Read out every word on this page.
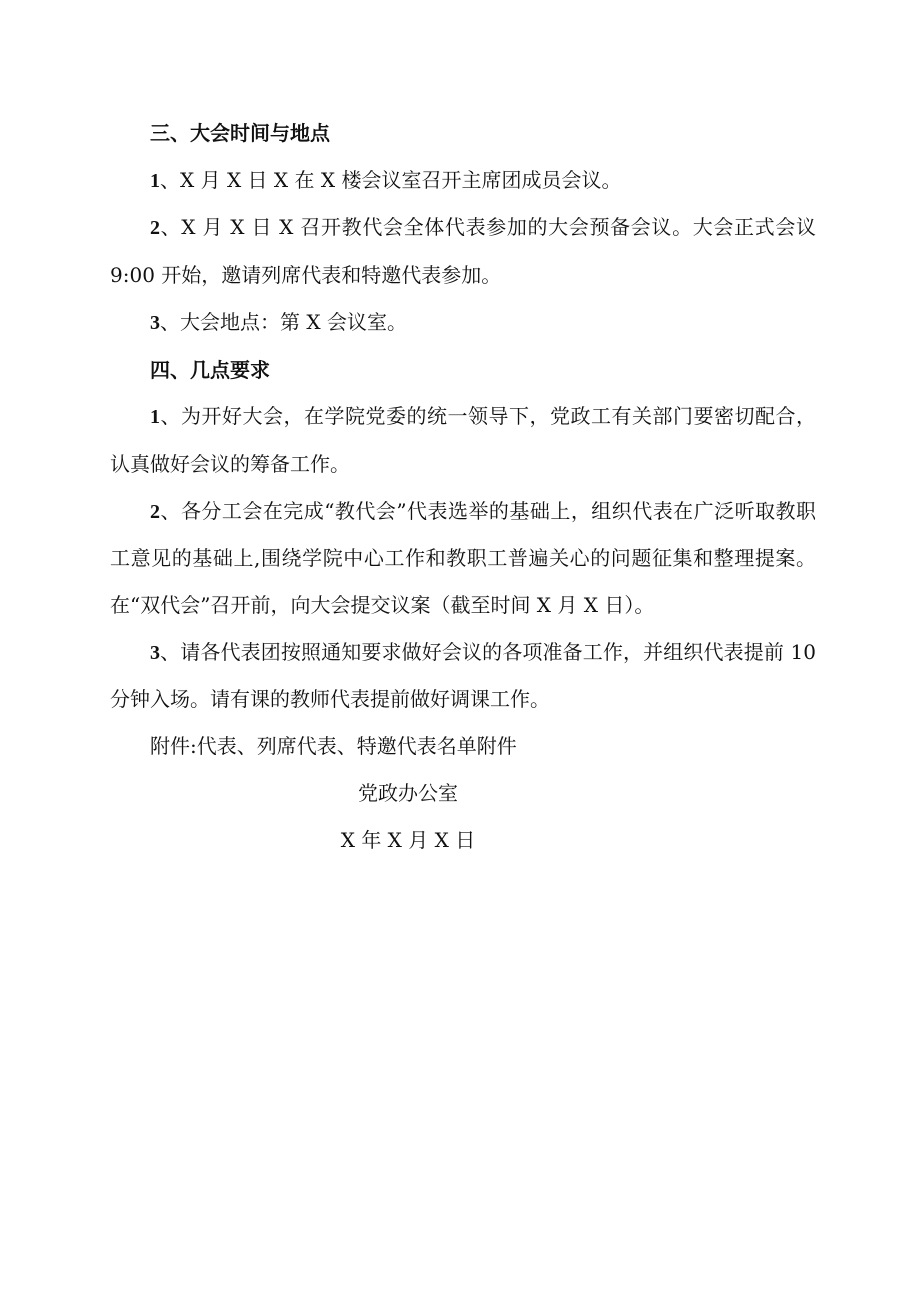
三、大会时间与地点

1、X 月 X 日 X 在 X 楼会议室召开主席团成员会议。

2、X 月 X 日 X 召开教代会全体代表参加的大会预备会议。大会正式会议 9:00 开始，邀请列席代表和特邀代表参加。

3、大会地点：第 X 会议室。

四、几点要求

1、为开好大会，在学院党委的统一领导下，党政工有关部门要密切配合，认真做好会议的筹备工作。

2、各分工会在完成“教代会”代表选举的基础上，组织代表在广泛听取教职工意见的基础上,围绕学院中心工作和教职工普遍关心的问题征集和整理提案。在“双代会”召开前，向大会提交议案（截至时间 X 月 X 日）。

3、请各代表团按照通知要求做好会议的各项准备工作，并组织代表提前 10 分钟入场。请有课的教师代表提前做好调课工作。

附件:代表、列席代表、特邀代表名单附件

党政办公室

X 年 X 月 X 日
